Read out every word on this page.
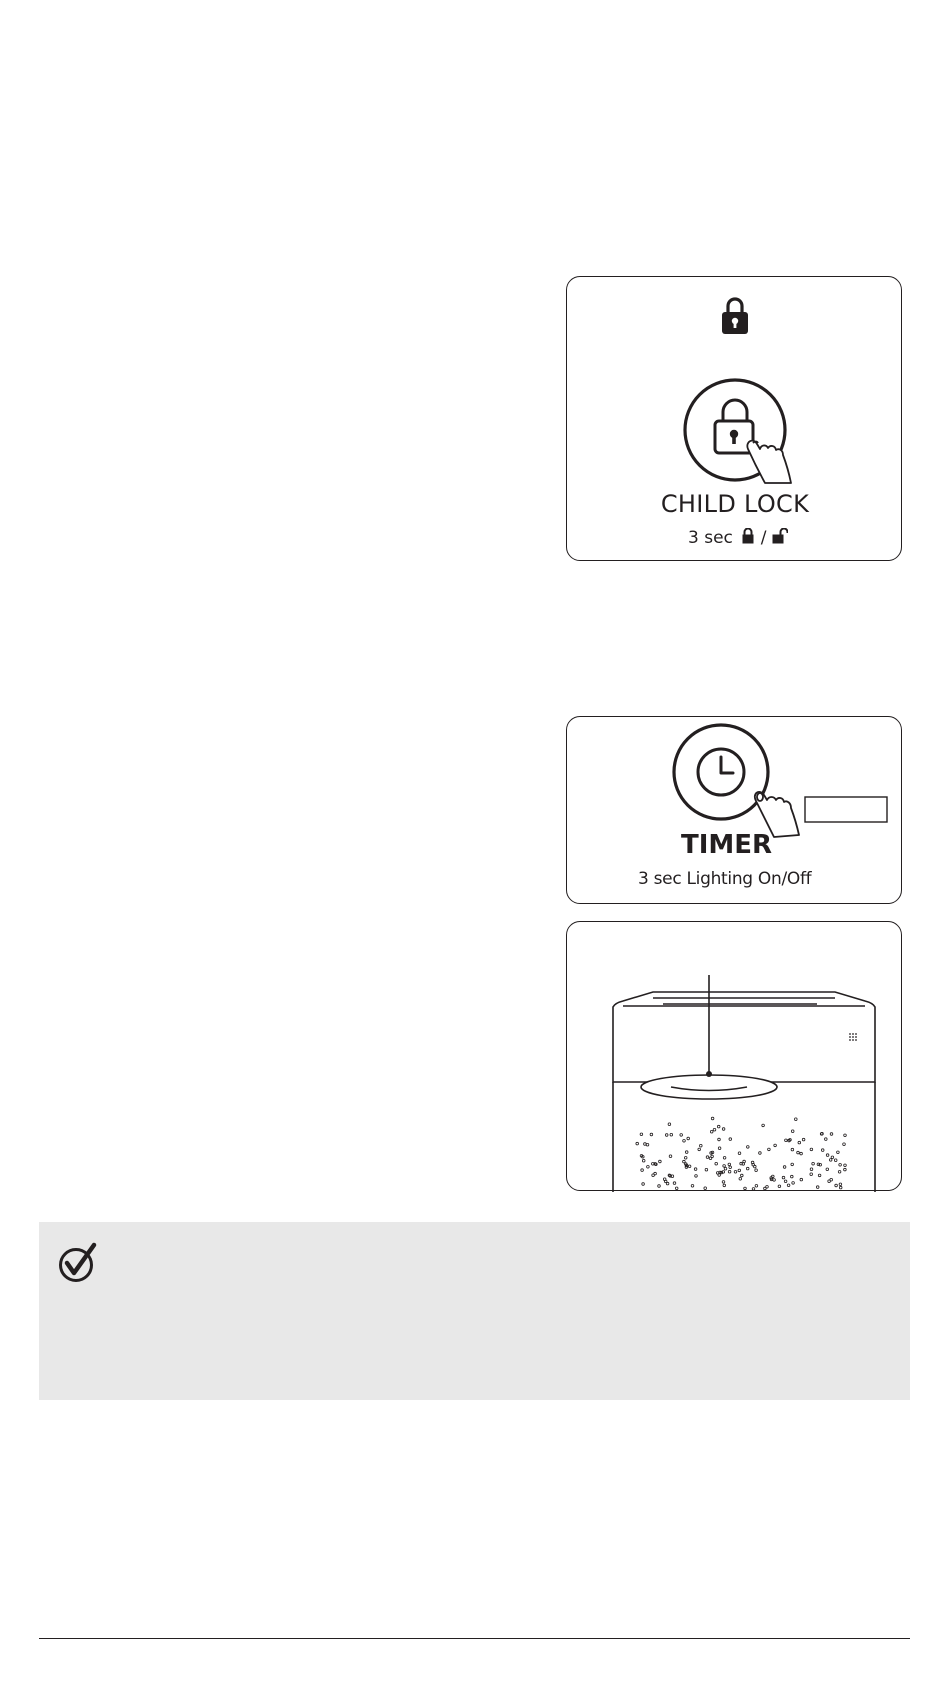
CHILD LOCK
3 sec /
TIMER
3 sec Lighting On/Off
